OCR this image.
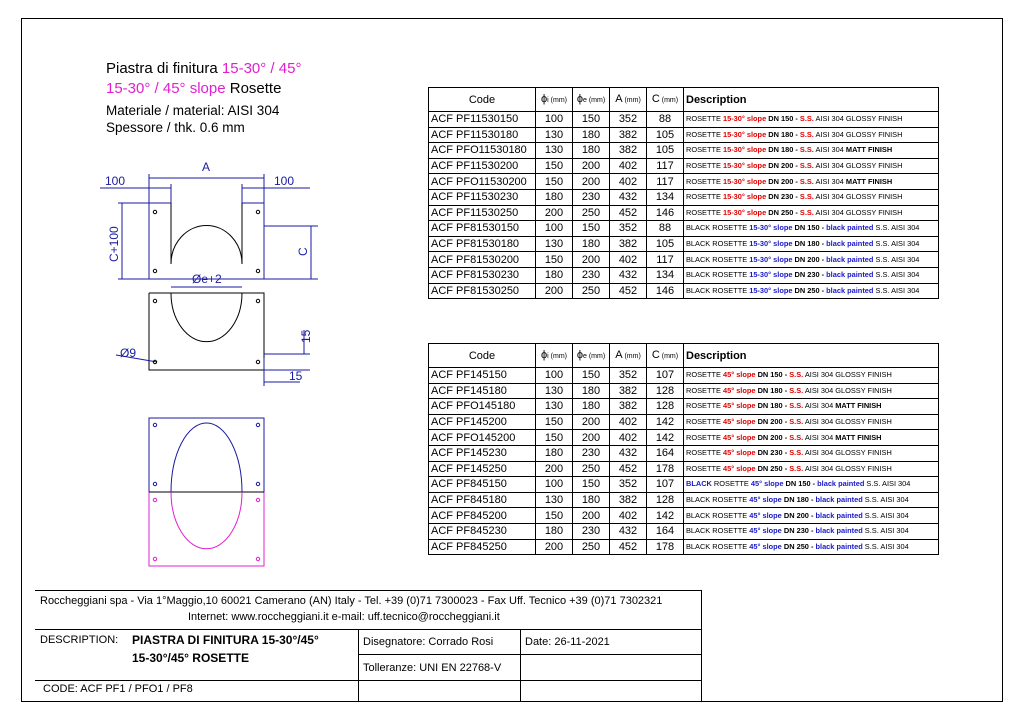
Piastra di finitura 15-30° / 45°
15-30° / 45° slope Rosette
Materiale / material: AISI 304
Spessore / thk. 0.6 mm
A
100	100
C+100	C
Øe+2
Ø9
15
15
Code	ϕi (mm)	ϕe (mm)	A (mm)	C (mm)	Description
ACF PF11530150	100	150	352	88	ROSETTE 15-30° slope DN 150 - S.S. AISI 304 GLOSSY FINISH
ACF PF11530180	130	180	382	105	ROSETTE 15-30° slope DN 180 - S.S. AISI 304 GLOSSY FINISH
ACF PFO11530180	130	180	382	105	ROSETTE 15-30° slope DN 180 - S.S. AISI 304 MATT FINISH
ACF PF11530200	150	200	402	117	ROSETTE 15-30° slope DN 200 - S.S. AISI 304 GLOSSY FINISH
ACF PFO11530200	150	200	402	117	ROSETTE 15-30° slope DN 200 - S.S. AISI 304 MATT FINISH
ACF PF11530230	180	230	432	134	ROSETTE 15-30° slope DN 230 - S.S. AISI 304 GLOSSY FINISH
ACF PF11530250	200	250	452	146	ROSETTE 15-30° slope DN 250 - S.S. AISI 304 GLOSSY FINISH
ACF PF81530150	100	150	352	88	BLACK ROSETTE 15-30° slope DN 150 - black painted S.S. AISI 304
ACF PF81530180	130	180	382	105	BLACK ROSETTE 15-30° slope DN 180 - black painted S.S. AISI 304
ACF PF81530200	150	200	402	117	BLACK ROSETTE 15-30° slope DN 200 - black painted S.S. AISI 304
ACF PF81530230	180	230	432	134	BLACK ROSETTE 15-30° slope DN 230 - black painted S.S. AISI 304
ACF PF81530250	200	250	452	146	BLACK ROSETTE 15-30° slope DN 250 - black painted S.S. AISI 304
Code	ϕi (mm)	ϕe (mm)	A (mm)	C (mm)	Description
ACF PF145150	100	150	352	107	ROSETTE 45° slope DN 150 - S.S. AISI 304 GLOSSY FINISH
ACF PF145180	130	180	382	128	ROSETTE 45° slope DN 180 - S.S. AISI 304 GLOSSY FINISH
ACF PFO145180	130	180	382	128	ROSETTE 45° slope DN 180 - S.S. AISI 304 MATT FINISH
ACF PF145200	150	200	402	142	ROSETTE 45° slope DN 200 - S.S. AISI 304 GLOSSY FINISH
ACF PFO145200	150	200	402	142	ROSETTE 45° slope DN 200 - S.S. AISI 304 MATT FINISH
ACF PF145230	180	230	432	164	ROSETTE 45° slope DN 230 - S.S. AISI 304 GLOSSY FINISH
ACF PF145250	200	250	452	178	ROSETTE 45° slope DN 250 - S.S. AISI 304 GLOSSY FINISH
ACF PF845150	100	150	352	107	BLACK ROSETTE 45° slope DN 150 - black painted S.S. AISI 304
ACF PF845180	130	180	382	128	BLACK ROSETTE 45° slope DN 180 - black painted S.S. AISI 304
ACF PF845200	150	200	402	142	BLACK ROSETTE 45° slope DN 200 - black painted S.S. AISI 304
ACF PF845230	180	230	432	164	BLACK ROSETTE 45° slope DN 230 - black painted S.S. AISI 304
ACF PF845250	200	250	452	178	BLACK ROSETTE 45° slope DN 250 - black painted S.S. AISI 304
Roccheggiani spa - Via 1°Maggio,10 60021 Camerano (AN) Italy - Tel. +39 (0)71 7300023 - Fax Uff. Tecnico +39 (0)71 7302321
Internet: www.roccheggiani.it e-mail: uff.tecnico@roccheggiani.it
DESCRIPTION: PIASTRA DI FINITURA 15-30°/45°
15-30°/45° ROSETTE
Disegnatore: Corrado Rosi	Date: 26-11-2021
Tolleranze: UNI EN 22768-V
CODE: ACF PF1 / PFO1 / PF8
